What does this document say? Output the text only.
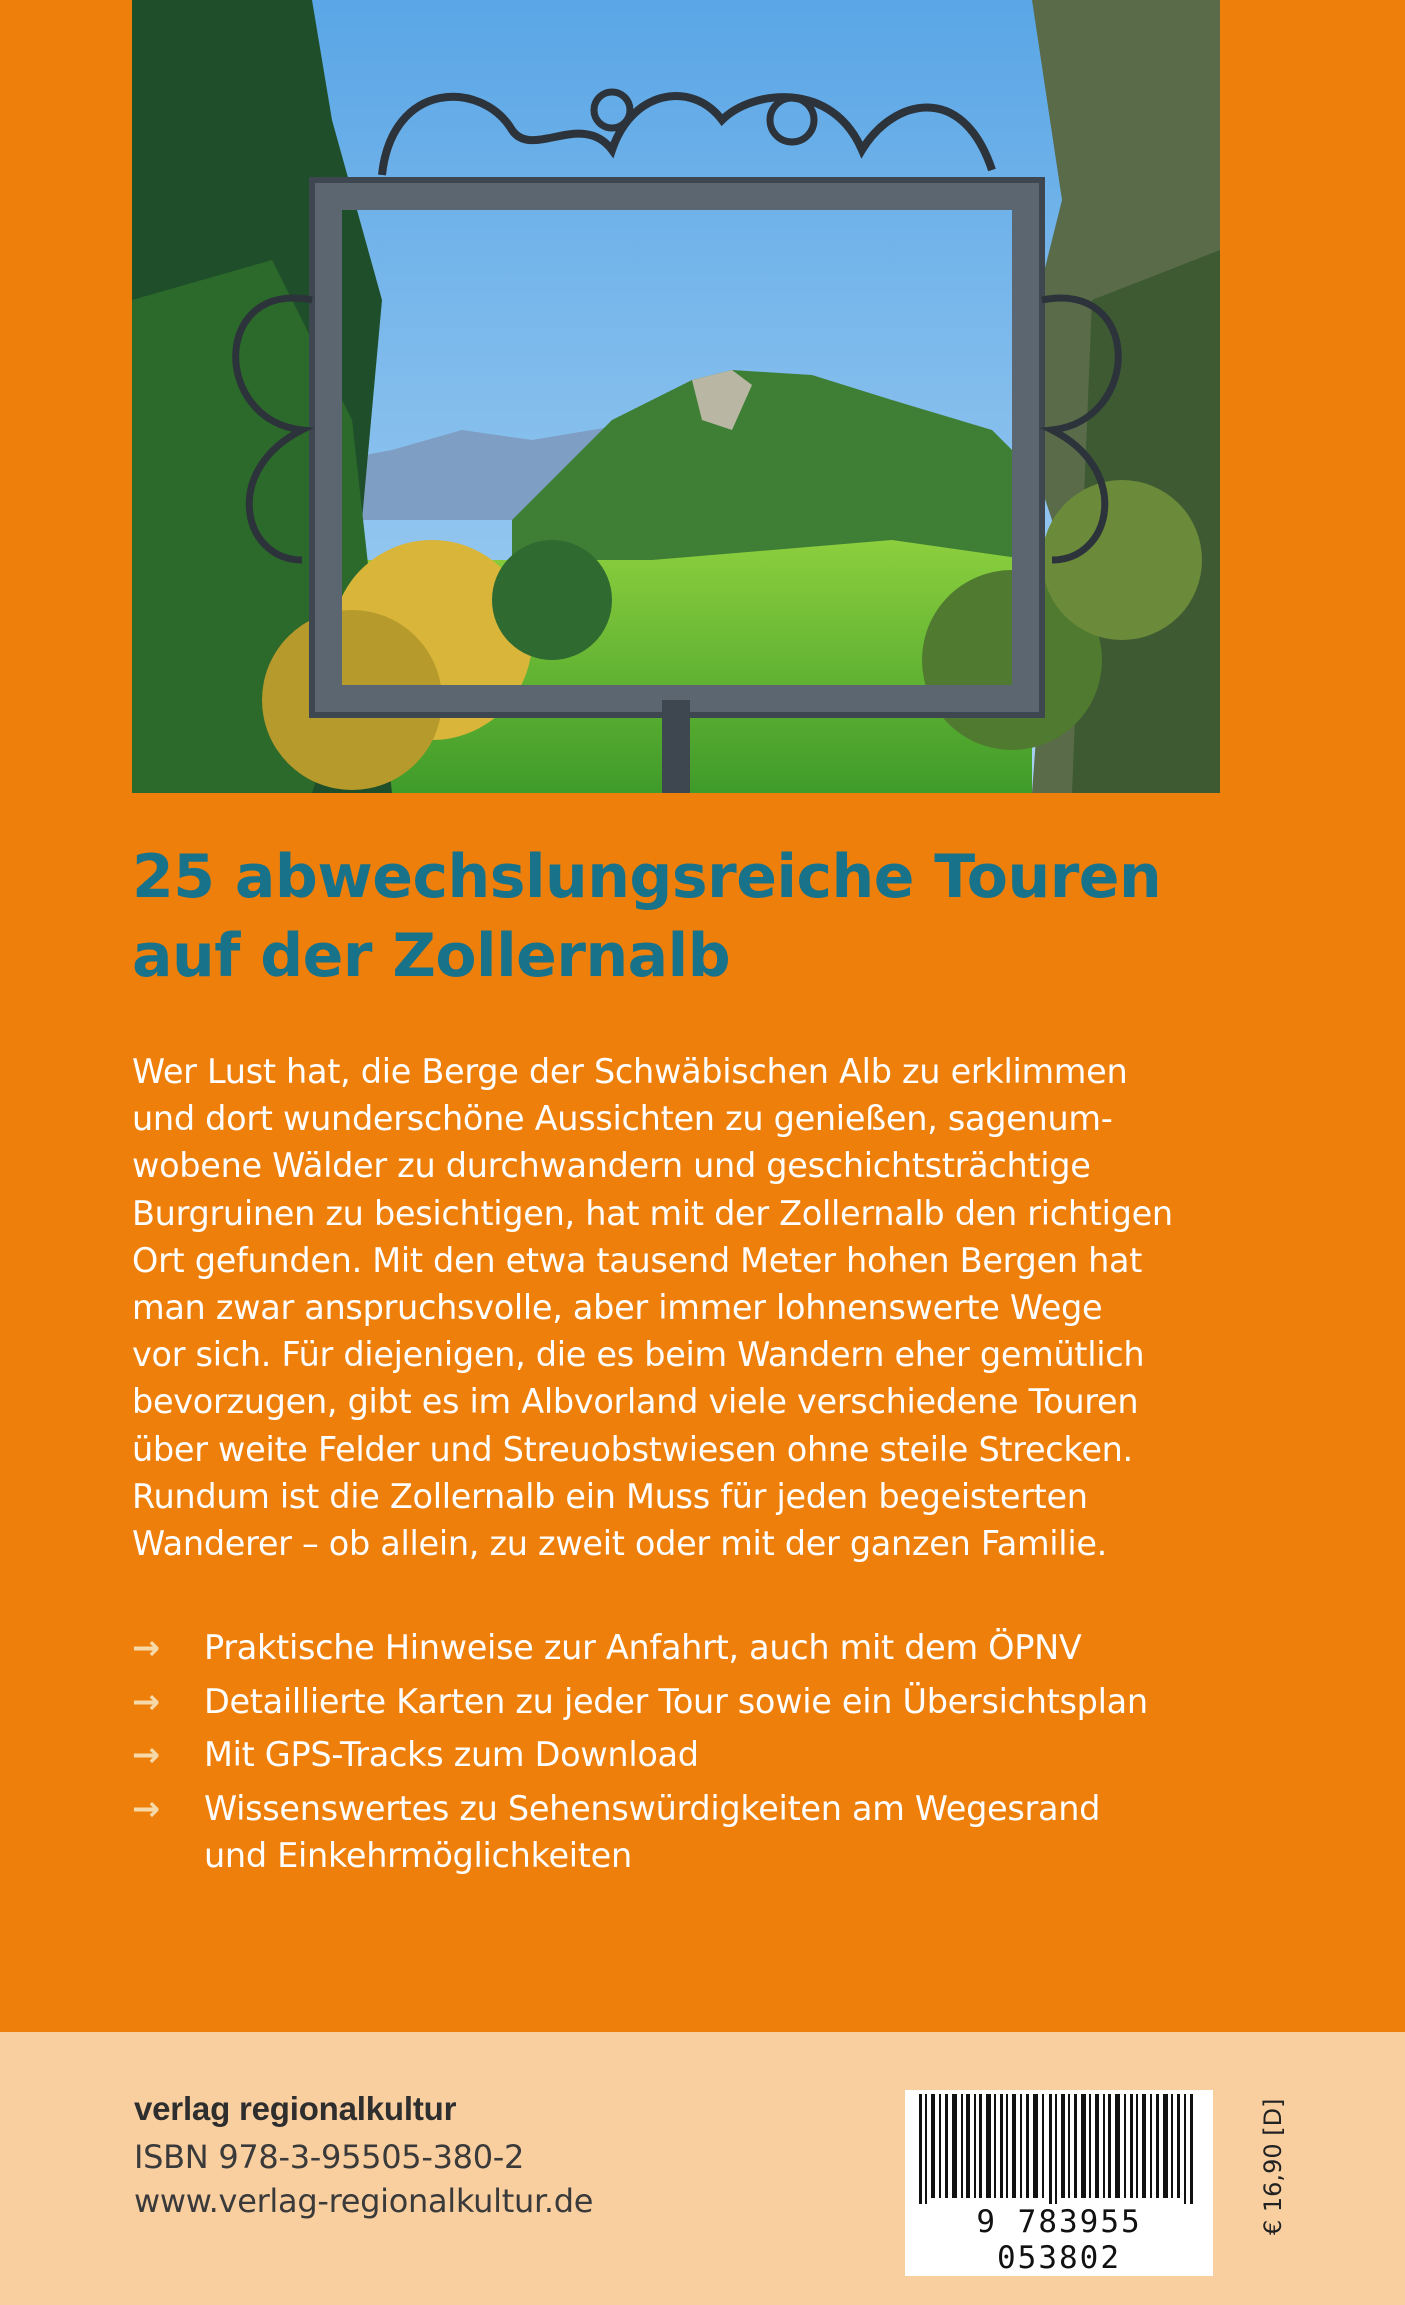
25 abwechslungsreiche Touren
auf der Zollernalb
Wer Lust hat, die Berge der Schwäbischen Alb zu erklimmen
und dort wunderschöne Aussichten zu genießen, sagenum-
wobene Wälder zu durchwandern und geschichtsträchtige
Burgruinen zu besichtigen, hat mit der Zollernalb den richtigen
Ort gefunden. Mit den etwa tausend Meter hohen Bergen hat
man zwar anspruchsvolle, aber immer lohnenswerte Wege
vor sich. Für diejenigen, die es beim Wandern eher gemütlich
bevorzugen, gibt es im Albvorland viele verschiedene Touren
über weite Felder und Streuobstwiesen ohne steile Strecken.
Rundum ist die Zollernalb ein Muss für jeden begeisterten
Wanderer – ob allein, zu zweit oder mit der ganzen Familie.
→ Praktische Hinweise zur Anfahrt, auch mit dem ÖPNV
→ Detaillierte Karten zu jeder Tour sowie ein Übersichtsplan
→ Mit GPS-Tracks zum Download
→ Wissenswertes zu Sehenswürdigkeiten am Wegesrand
und Einkehrmöglichkeiten
verlag regionalkultur
ISBN 978-3-95505-380-2
www.verlag-regionalkultur.de
9 783955 053802
€ 16,90 [D]
